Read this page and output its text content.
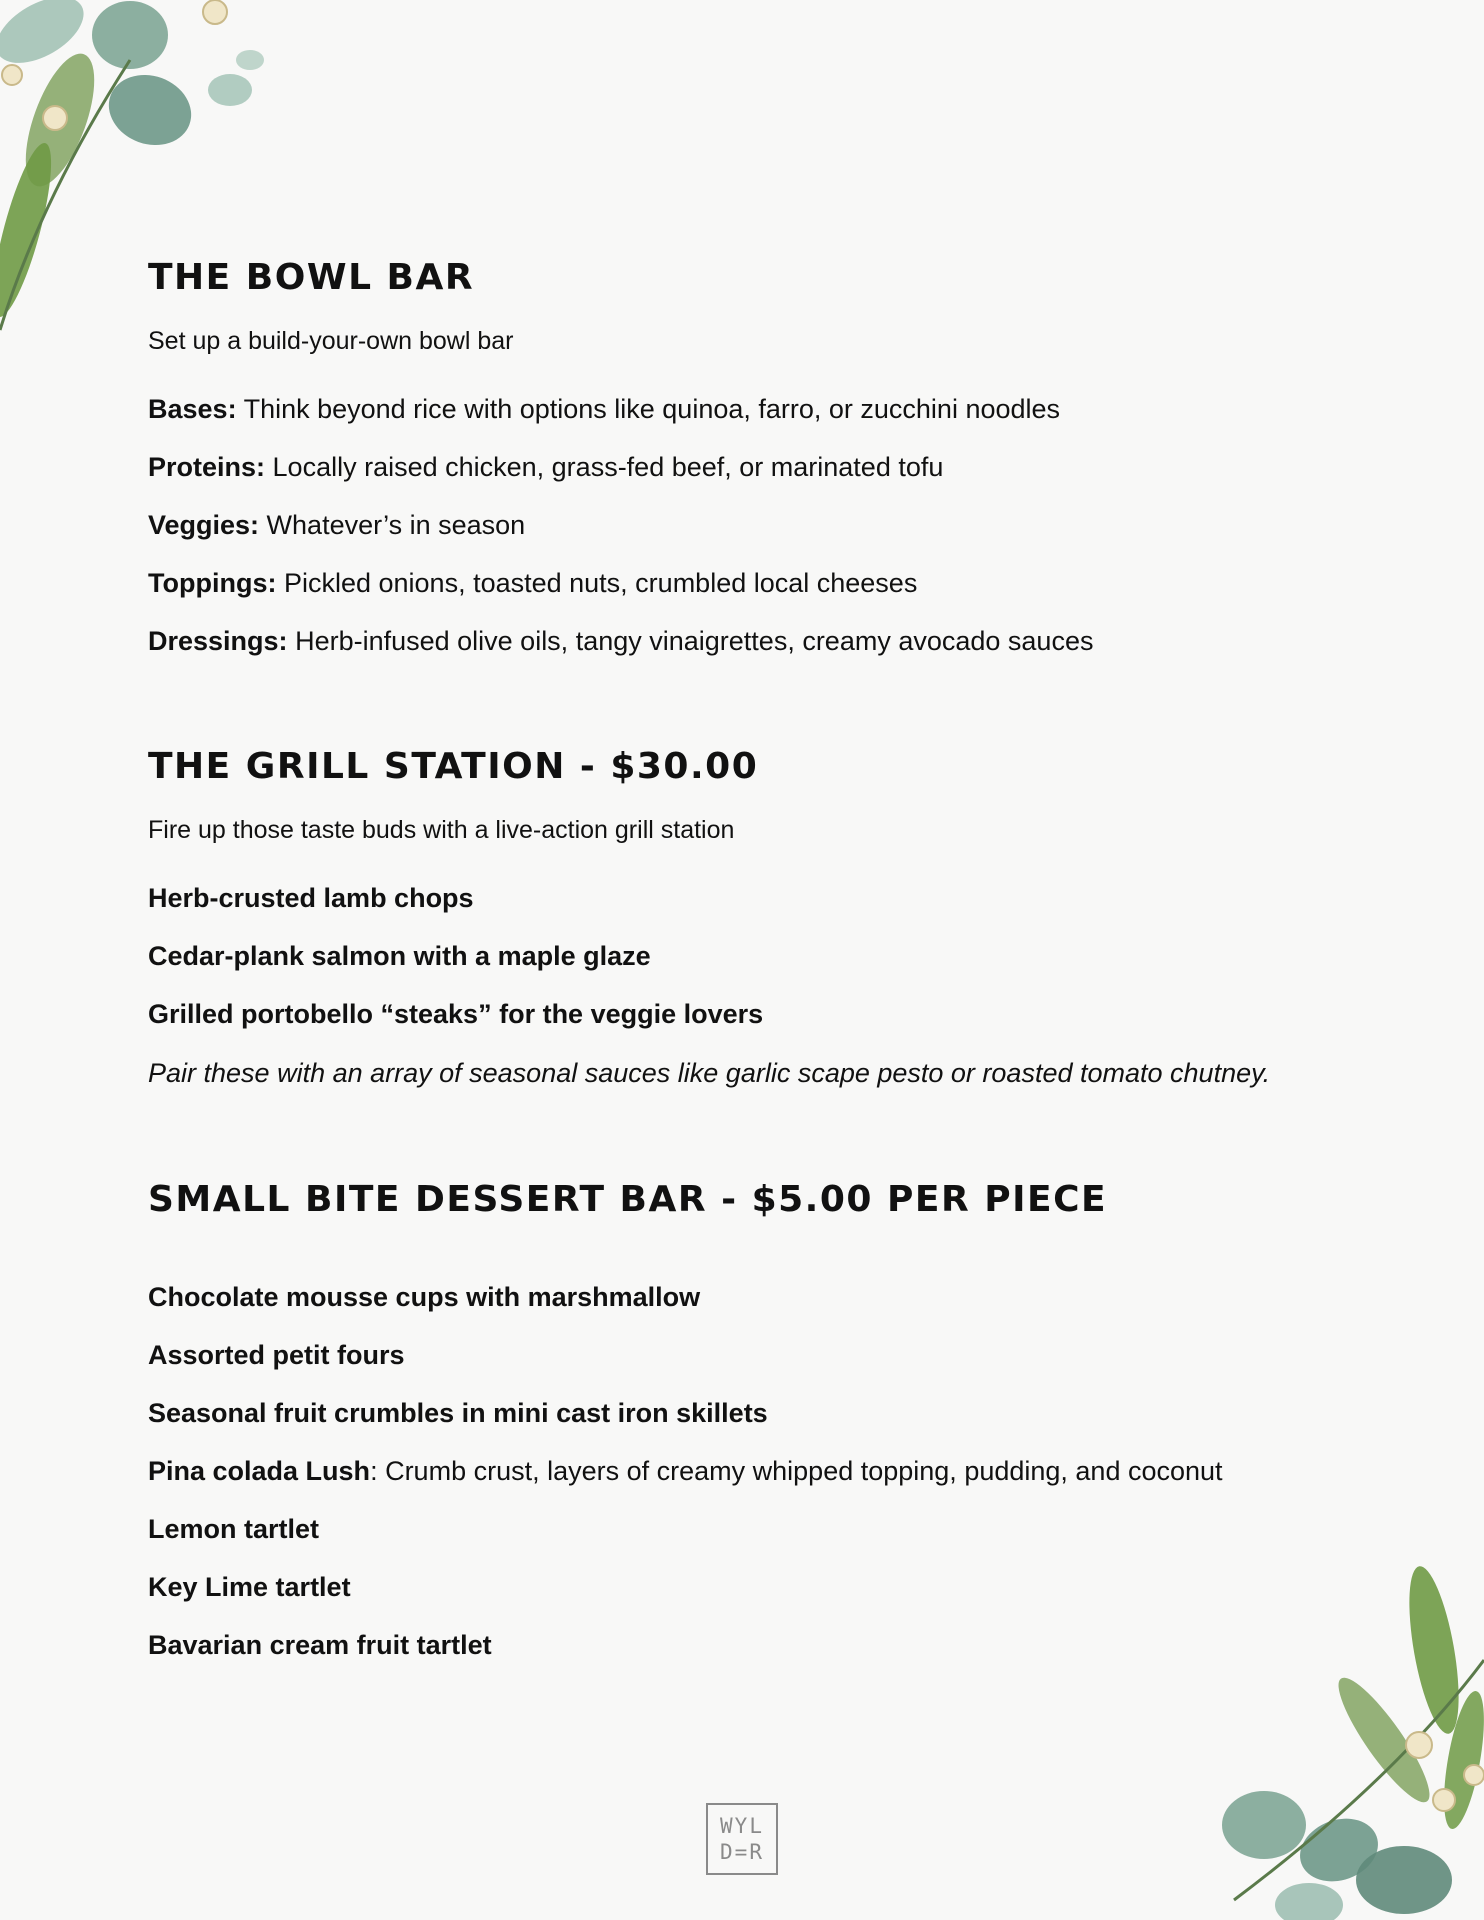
THE BOWL BAR

Set up a build-your-own bowl bar

Bases: Think beyond rice with options like quinoa, farro, or zucchini noodles

Proteins: Locally raised chicken, grass-fed beef, or marinated tofu

Veggies: Whatever’s in season

Toppings: Pickled onions, toasted nuts, crumbled local cheeses

Dressings: Herb-infused olive oils, tangy vinaigrettes, creamy avocado sauces

THE GRILL STATION - $30.00

Fire up those taste buds with a live-action grill station

Herb-crusted lamb chops

Cedar-plank salmon with a maple glaze

Grilled portobello “steaks” for the veggie lovers

Pair these with an array of seasonal sauces like garlic scape pesto or roasted tomato chutney.

SMALL BITE DESSERT BAR - $5.00 PER PIECE

Chocolate mousse cups with marshmallow

Assorted petit fours

Seasonal fruit crumbles in mini cast iron skillets

Pina colada Lush: Crumb crust, layers of creamy whipped topping, pudding, and coconut

Lemon tartlet

Key Lime tartlet

Bavarian cream fruit tartlet

WYL
D=R
